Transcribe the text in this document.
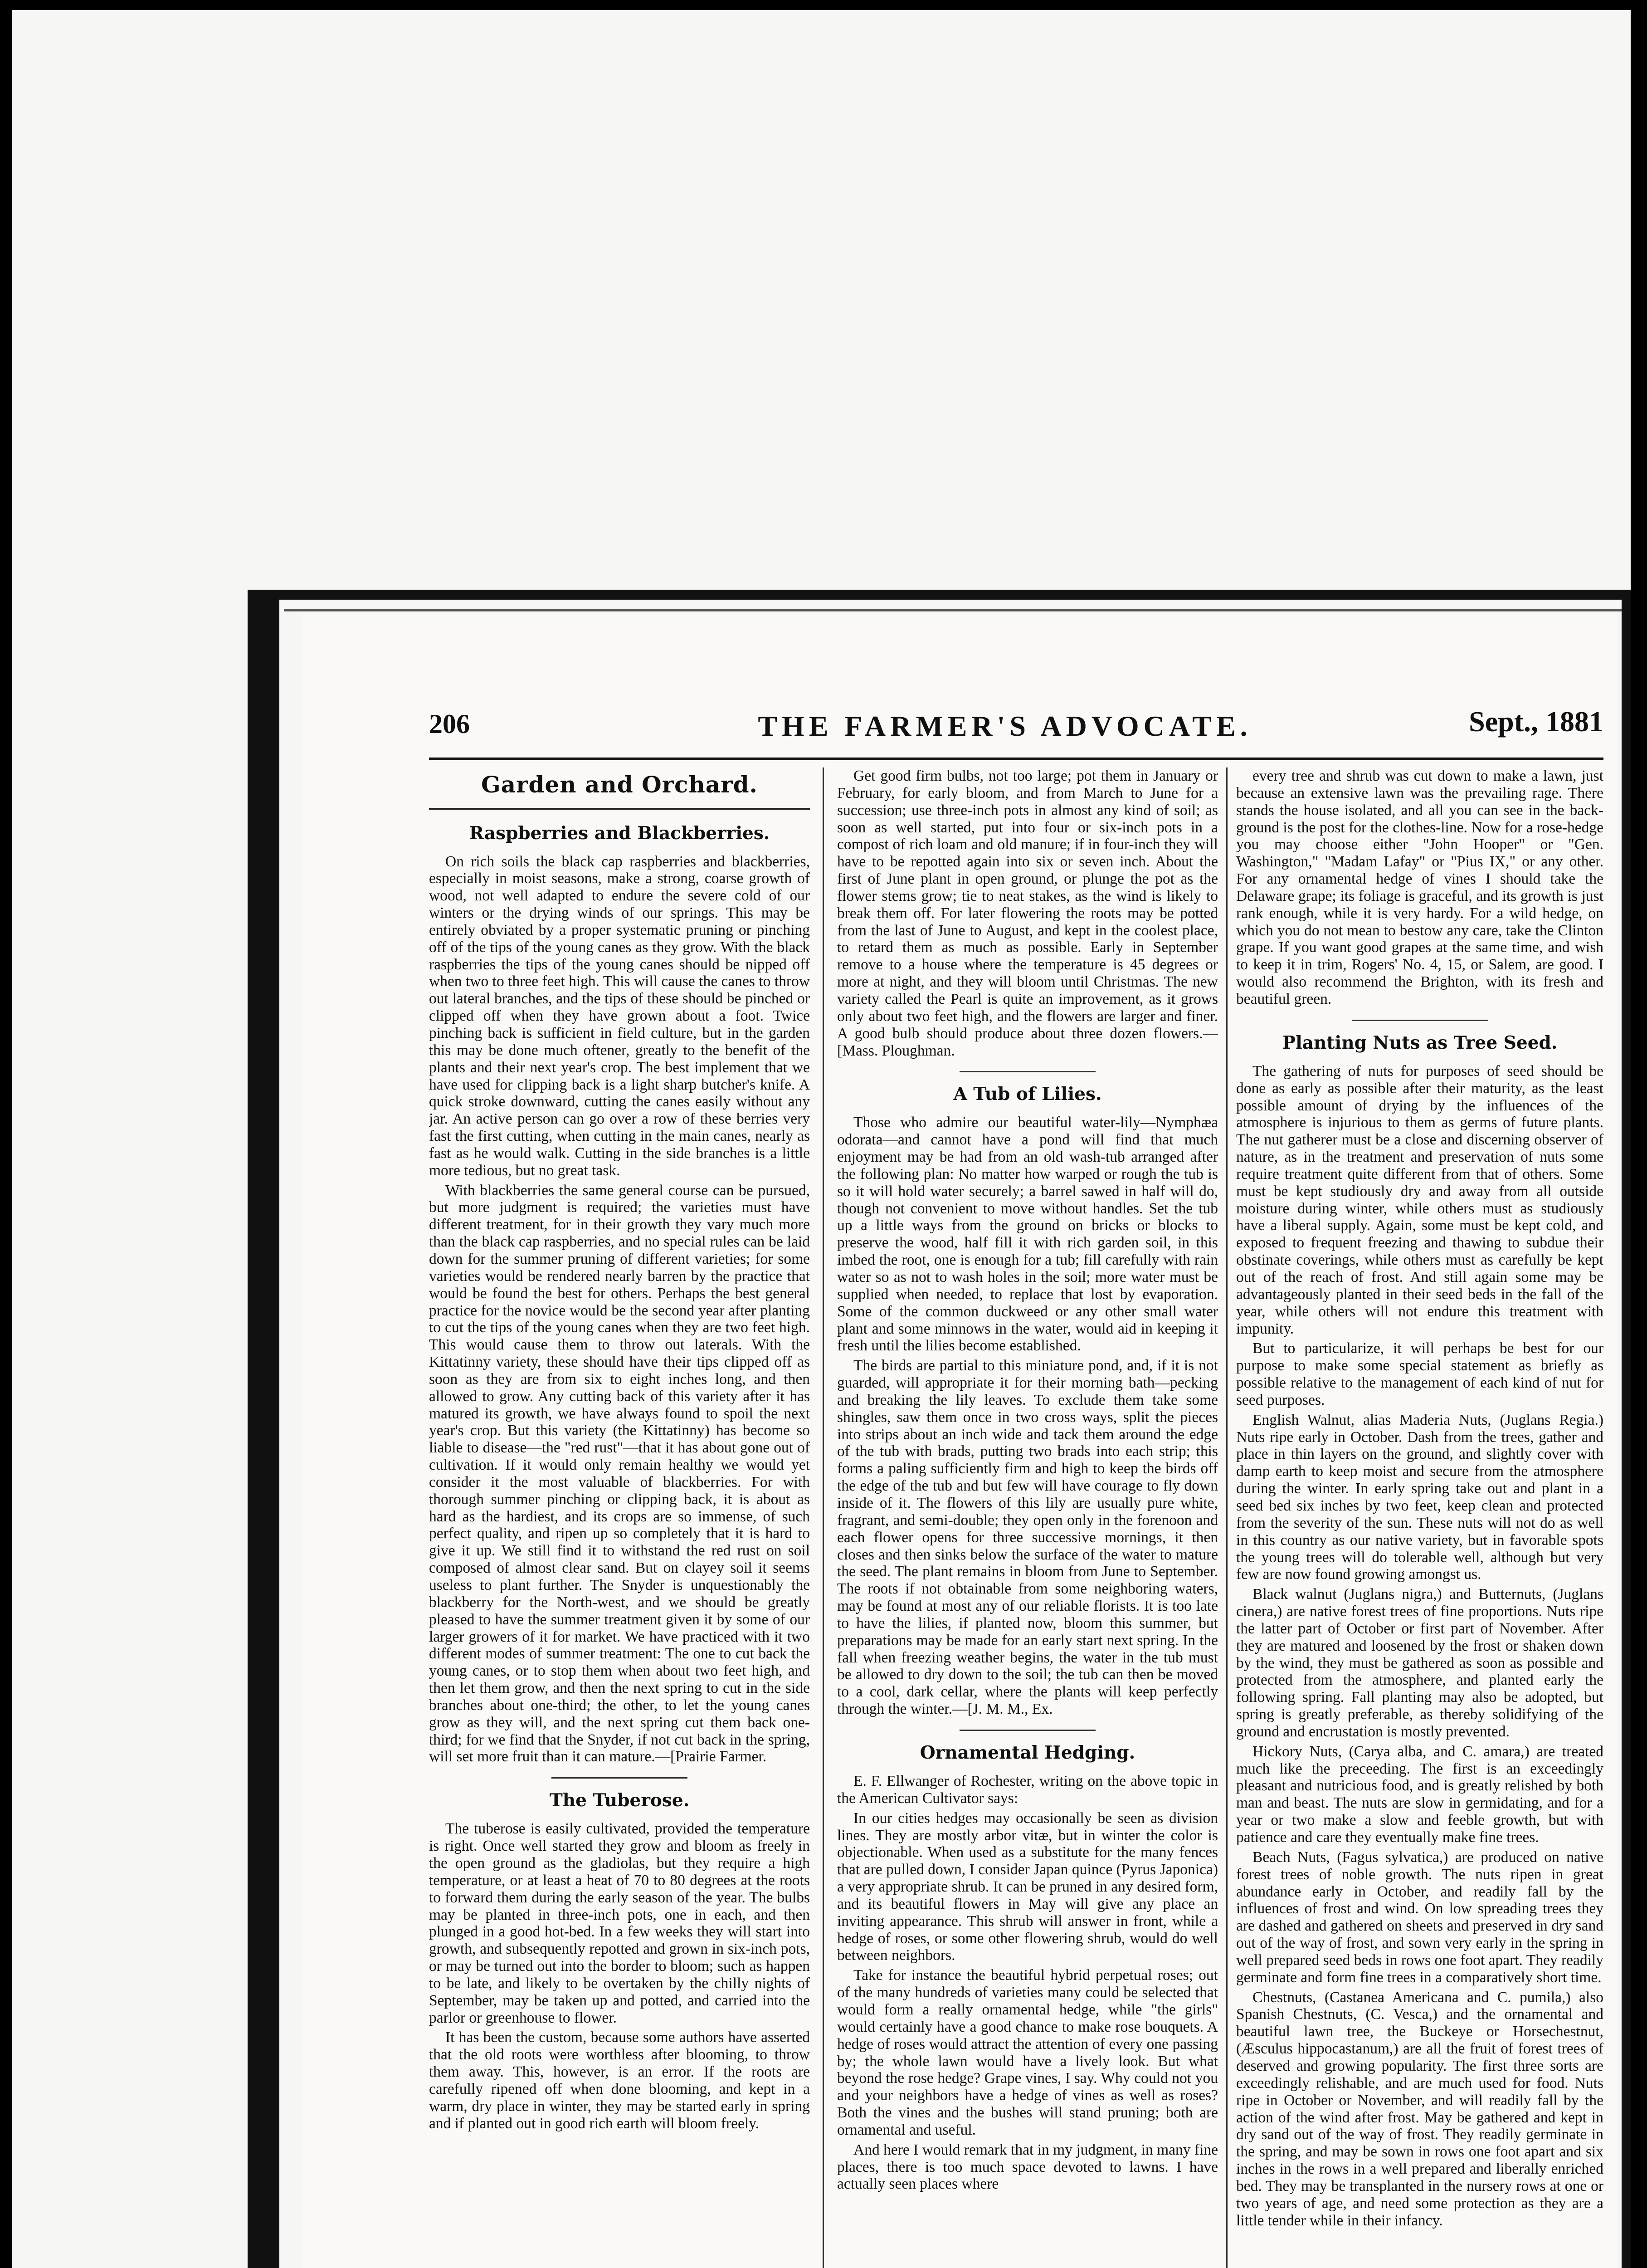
206	THE FARMER'S ADVOCATE.	Sept., 1881
Garden and Orchard.
Raspberries and Blackberries.

On rich soils the black cap raspberries and blackberries, especially in moist seasons, make a strong, coarse growth of wood, not well adapted to endure the severe cold of our winters or the drying winds of our springs. This may be entirely obviated by a proper systematic pruning or pinching off of the tips of the young canes as they grow. With the black raspberries the tips of the young canes should be nipped off when two to three feet high. This will cause the canes to throw out lateral branches, and the tips of these should be pinched or clipped off when they have grown about a foot. Twice pinching back is sufficient in field culture, but in the garden this may be done much oftener, greatly to the benefit of the plants and their next year's crop. The best implement that we have used for clipping back is a light sharp butcher's knife. A quick stroke downward, cutting the canes easily without any jar. An active person can go over a row of these berries very fast the first cutting, when cutting in the main canes, nearly as fast as he would walk. Cutting in the side branches is a little more tedious, but no great task.

With blackberries the same general course can be pursued, but more judgment is required; the varieties must have different treatment, for in their growth they vary much more than the black cap raspberries, and no special rules can be laid down for the summer pruning of different varieties; for some varieties would be rendered nearly barren by the practice that would be found the best for others. Perhaps the best general practice for the novice would be the second year after planting to cut the tips of the young canes when they are two feet high. This would cause them to throw out laterals. With the Kittatinny variety, these should have their tips clipped off as soon as they are from six to eight inches long, and then allowed to grow. Any cutting back of this variety after it has matured its growth, we have always found to spoil the next year's crop. But this variety (the Kittatinny) has become so liable to disease—the "red rust"—that it has about gone out of cultivation. If it would only remain healthy we would yet consider it the most valuable of blackberries. For with thorough summer pinching or clipping back, it is about as hard as the hardiest, and its crops are so immense, of such perfect quality, and ripen up so completely that it is hard to give it up. We still find it to withstand the red rust on soil composed of almost clear sand. But on clayey soil it seems useless to plant further. The Snyder is unquestionably the blackberry for the North-west, and we should be greatly pleased to have the summer treatment given it by some of our larger growers of it for market. We have practiced with it two different modes of summer treatment: The one to cut back the young canes, or to stop them when about two feet high, and then let them grow, and then the next spring to cut in the side branches about one-third; the other, to let the young canes grow as they will, and the next spring cut them back one-third; for we find that the Snyder, if not cut back in the spring, will set more fruit than it can mature.—[Prairie Farmer.

The Tuberose.

The tuberose is easily cultivated, provided the temperature is right. Once well started they grow and bloom as freely in the open ground as the gladiolas, but they require a high temperature, or at least a heat of 70 to 80 degrees at the roots to forward them during the early season of the year. The bulbs may be planted in three-inch pots, one in each, and then plunged in a good hot-bed. In a few weeks they will start into growth, and subsequently repotted and grown in six-inch pots, or may be turned out into the border to bloom; such as happen to be late, and likely to be overtaken by the chilly nights of September, may be taken up and potted, and carried into the parlor or greenhouse to flower.

It has been the custom, because some authors have asserted that the old roots were worthless after blooming, to throw them away. This, however, is an error. If the roots are carefully ripened off when done blooming, and kept in a warm, dry place in winter, they may be started early in spring and if planted out in good rich earth will bloom freely.

Get good firm bulbs, not too large; pot them in January or February, for early bloom, and from March to June for a succession; use three-inch pots in almost any kind of soil; as soon as well started, put into four or six-inch pots in a compost of rich loam and old manure; if in four-inch they will have to be repotted again into six or seven inch. About the first of June plant in open ground, or plunge the pot as the flower stems grow; tie to neat stakes, as the wind is likely to break them off. For later flowering the roots may be potted from the last of June to August, and kept in the coolest place, to retard them as much as possible. Early in September remove to a house where the temperature is 45 degrees or more at night, and they will bloom until Christmas. The new variety called the Pearl is quite an improvement, as it grows only about two feet high, and the flowers are larger and finer. A good bulb should produce about three dozen flowers.—[Mass. Ploughman.

A Tub of Lilies.

Those who admire our beautiful water-lily—Nymphæa odorata—and cannot have a pond will find that much enjoyment may be had from an old wash-tub arranged after the following plan: No matter how warped or rough the tub is so it will hold water securely; a barrel sawed in half will do, though not convenient to move without handles. Set the tub up a little ways from the ground on bricks or blocks to preserve the wood, half fill it with rich garden soil, in this imbed the root, one is enough for a tub; fill carefully with rain water so as not to wash holes in the soil; more water must be supplied when needed, to replace that lost by evaporation. Some of the common duckweed or any other small water plant and some minnows in the water, would aid in keeping it fresh until the lilies become established.

The birds are partial to this miniature pond, and, if it is not guarded, will appropriate it for their morning bath—pecking and breaking the lily leaves. To exclude them take some shingles, saw them once in two cross ways, split the pieces into strips about an inch wide and tack them around the edge of the tub with brads, putting two brads into each strip; this forms a paling sufficiently firm and high to keep the birds off the edge of the tub and but few will have courage to fly down inside of it. The flowers of this lily are usually pure white, fragrant, and semi-double; they open only in the forenoon and each flower opens for three successive mornings, it then closes and then sinks below the surface of the water to mature the seed. The plant remains in bloom from June to September. The roots if not obtainable from some neighboring waters, may be found at most any of our reliable florists. It is too late to have the lilies, if planted now, bloom this summer, but preparations may be made for an early start next spring. In the fall when freezing weather begins, the water in the tub must be allowed to dry down to the soil; the tub can then be moved to a cool, dark cellar, where the plants will keep perfectly through the winter.—[J. M. M., Ex.

Ornamental Hedging.

E. F. Ellwanger of Rochester, writing on the above topic in the American Cultivator says:

In our cities hedges may occasionally be seen as division lines. They are mostly arbor vitæ, but in winter the color is objectionable. When used as a substitute for the many fences that are pulled down, I consider Japan quince (Pyrus Japonica) a very appropriate shrub. It can be pruned in any desired form, and its beautiful flowers in May will give any place an inviting appearance. This shrub will answer in front, while a hedge of roses, or some other flowering shrub, would do well between neighbors.

Take for instance the beautiful hybrid perpetual roses; out of the many hundreds of varieties many could be selected that would form a really ornamental hedge, while "the girls" would certainly have a good chance to make rose bouquets. A hedge of roses would attract the attention of every one passing by; the whole lawn would have a lively look. But what beyond the rose hedge? Grape vines, I say. Why could not you and your neighbors have a hedge of vines as well as roses? Both the vines and the bushes will stand pruning; both are ornamental and useful.

And here I would remark that in my judgment, in many fine places, there is too much space devoted to lawns. I have actually seen places where

every tree and shrub was cut down to make a lawn, just because an extensive lawn was the prevailing rage. There stands the house isolated, and all you can see in the back-ground is the post for the clothes-line. Now for a rose-hedge you may choose either "John Hooper" or "Gen. Washington," "Madam Lafay" or "Pius IX," or any other. For any ornamental hedge of vines I should take the Delaware grape; its foliage is graceful, and its growth is just rank enough, while it is very hardy. For a wild hedge, on which you do not mean to bestow any care, take the Clinton grape. If you want good grapes at the same time, and wish to keep it in trim, Rogers' No. 4, 15, or Salem, are good. I would also recommend the Brighton, with its fresh and beautiful green.

Planting Nuts as Tree Seed.

The gathering of nuts for purposes of seed should be done as early as possible after their maturity, as the least possible amount of drying by the influences of the atmosphere is injurious to them as germs of future plants. The nut gatherer must be a close and discerning observer of nature, as in the treatment and preservation of nuts some require treatment quite different from that of others. Some must be kept studiously dry and away from all outside moisture during winter, while others must as studiously have a liberal supply. Again, some must be kept cold, and exposed to frequent freezing and thawing to subdue their obstinate coverings, while others must as carefully be kept out of the reach of frost. And still again some may be advantageously planted in their seed beds in the fall of the year, while others will not endure this treatment with impunity.

But to particularize, it will perhaps be best for our purpose to make some special statement as briefly as possible relative to the management of each kind of nut for seed purposes.

English Walnut, alias Maderia Nuts, (Juglans Regia.) Nuts ripe early in October. Dash from the trees, gather and place in thin layers on the ground, and slightly cover with damp earth to keep moist and secure from the atmosphere during the winter. In early spring take out and plant in a seed bed six inches by two feet, keep clean and protected from the severity of the sun. These nuts will not do as well in this country as our native variety, but in favorable spots the young trees will do tolerable well, although but very few are now found growing amongst us.

Black walnut (Juglans nigra,) and Butternuts, (Juglans cinera,) are native forest trees of fine proportions. Nuts ripe the latter part of October or first part of November. After they are matured and loosened by the frost or shaken down by the wind, they must be gathered as soon as possible and protected from the atmosphere, and planted early the following spring. Fall planting may also be adopted, but spring is greatly preferable, as thereby solidifying of the ground and encrustation is mostly prevented.

Hickory Nuts, (Carya alba, and C. amara,) are treated much like the preceeding. The first is an exceedingly pleasant and nutricious food, and is greatly relished by both man and beast. The nuts are slow in germidating, and for a year or two make a slow and feeble growth, but with patience and care they eventually make fine trees.

Beach Nuts, (Fagus sylvatica,) are produced on native forest trees of noble growth. The nuts ripen in great abundance early in October, and readily fall by the influences of frost and wind. On low spreading trees they are dashed and gathered on sheets and preserved in dry sand out of the way of frost, and sown very early in the spring in well prepared seed beds in rows one foot apart. They readily germinate and form fine trees in a comparatively short time.

Chestnuts, (Castanea Americana and C. pumila,) also Spanish Chestnuts, (C. Vesca,) and the ornamental and beautiful lawn tree, the Buckeye or Horsechestnut, (Æsculus hippocastanum,) are all the fruit of forest trees of deserved and growing popularity. The first three sorts are exceedingly relishable, and are much used for food. Nuts ripe in October or November, and will readily fall by the action of the wind after frost. May be gathered and kept in dry sand out of the way of frost. They readily germinate in the spring, and may be sown in rows one foot apart and six inches in the rows in a well prepared and liberally enriched bed. They may be transplanted in the nursery rows at one or two years of age, and need some protection as they are a little tender while in their infancy.
